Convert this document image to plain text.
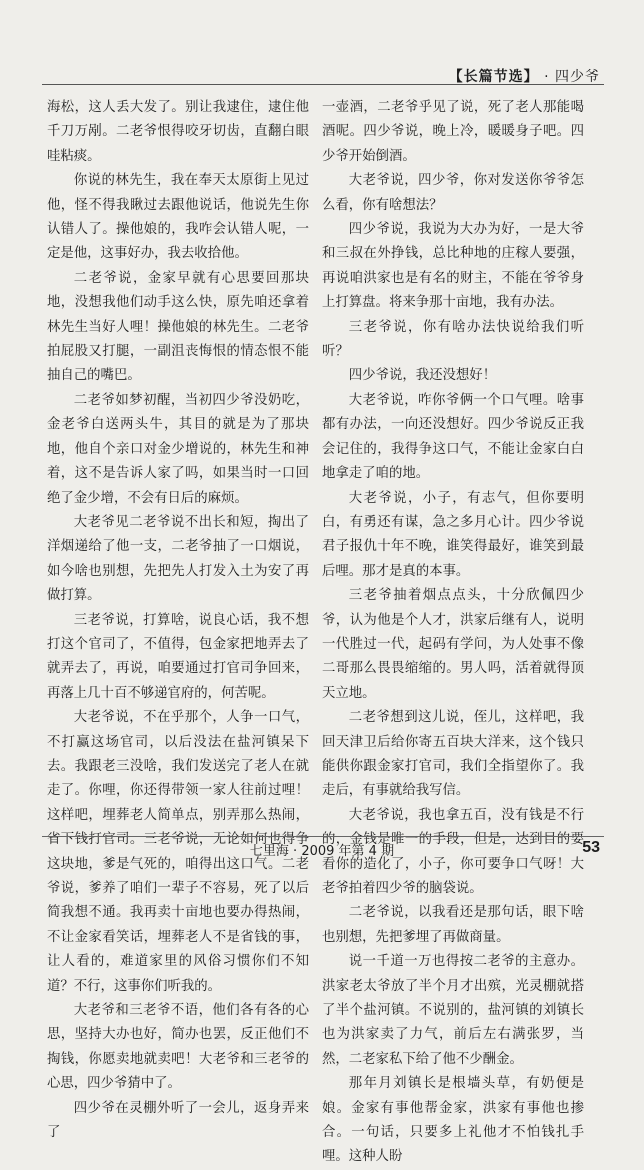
【长篇节选】 · 四少爷

海松，这人丢大发了。别让我逮住，逮住他千刀万剐。二老爷恨得咬牙切齿，直翻白眼哇粘痰。

你说的林先生，我在奉天太原街上见过他，怪不得我瞅过去跟他说话，他说先生你认错人了。操他娘的，我咋会认错人呢，一定是他，这事好办，我去收拾他。

二老爷说，金家早就有心思要回那块地，没想我他们动手这么快，原先咱还拿着林先生当好人哩！操他娘的林先生。二老爷拍屁股又打腿，一副沮丧悔恨的情态恨不能抽自己的嘴巴。

二老爷如梦初醒，当初四少爷没奶吃，金老爷白送两头牛，其目的就是为了那块地，他自个亲口对金少增说的，林先生和神着，这不是告诉人家了吗，如果当时一口回绝了金少增，不会有日后的麻烦。

大老爷见二老爷说不出长和短，掏出了洋烟递给了他一支，二老爷抽了一口烟说，如今啥也别想，先把先人打发入土为安了再做打算。

三老爷说，打算啥，说良心话，我不想打这个官司了，不值得，包金家把地弄去了就弄去了，再说，咱要通过打官司争回来，再落上几十百不够递官府的，何苦呢。

大老爷说，不在乎那个，人争一口气，不打赢这场官司，以后没法在盐河镇呆下去。我跟老三没啥，我们发送完了老人在就走了。你哩，你还得带领一家人往前过哩！这样吧，埋葬老人简单点，别弄那么热闹，省下钱打官司。三老爷说，无论如何也得争这块地，爹是气死的，咱得出这口气。二老爷说，爹养了咱们一辈子不容易，死了以后简我想不通。我再卖十亩地也要办得热闹，不让金家看笑话，埋葬老人不是省钱的事，让人看的，难道家里的风俗习惯你们不知道？不行，这事你们听我的。

大老爷和三老爷不语，他们各有各的心思，坚持大办也好，简办也罢，反正他们不掏钱，你愿卖地就卖吧！大老爷和三老爷的心思，四少爷猜中了。

四少爷在灵棚外听了一会儿，返身弄来了

一壶酒，二老爷乎见了说，死了老人那能喝酒呢。四少爷说，晚上冷，暖暖身子吧。四少爷开始倒酒。

大老爷说，四少爷，你对发送你爷爷怎么看，你有啥想法？

四少爷说，我说为大办为好，一是大爷和三叔在外挣钱，总比种地的庄稼人要强，再说咱洪家也是有名的财主，不能在爷爷身上打算盘。将来争那十亩地，我有办法。

三老爷说，你有啥办法快说给我们听听？

四少爷说，我还没想好！

大老爷说，咋你爷俩一个口气哩。啥事都有办法，一向还没想好。四少爷说反正我会记住的，我得争这口气，不能让金家白白地拿走了咱的地。

大老爷说，小子，有志气，但你要明白，有勇还有谋，急之多月心计。四少爷说君子报仇十年不晚，谁笑得最好，谁笑到最后哩。那才是真的本事。

三老爷抽着烟点点头，十分欣佩四少爷，认为他是个人才，洪家后继有人，说明一代胜过一代，起码有学问，为人处事不像二哥那么畏畏缩缩的。男人吗，活着就得顶天立地。

二老爷想到这儿说，侄儿，这样吧，我回天津卫后给你寄五百块大洋来，这个钱只能供你跟金家打官司，我们全指望你了。我走后，有事就给我写信。

大老爷说，我也拿五百，没有钱是不行的，金钱是唯一的手段，但是，达到目的要看你的造化了，小子，你可要争口气呀！大老爷拍着四少爷的脑袋说。

二老爷说，以我看还是那句话，眼下啥也别想，先把爹埋了再做商量。

说一千道一万也得按二老爷的主意办。洪家老太爷放了半个月才出殡，光灵棚就搭了半个盐河镇。不说别的，盐河镇的刘镇长也为洪家卖了力气，前后左右满张罗，当然，二老家私下给了他不少酬金。

那年月刘镇长是根墙头草，有奶便是娘。金家有事他帮金家，洪家有事他也掺合。一句话，只要多上礼他才不怕钱扎手哩。这种人盼

七里海 · 2009 年第 4 期	53
